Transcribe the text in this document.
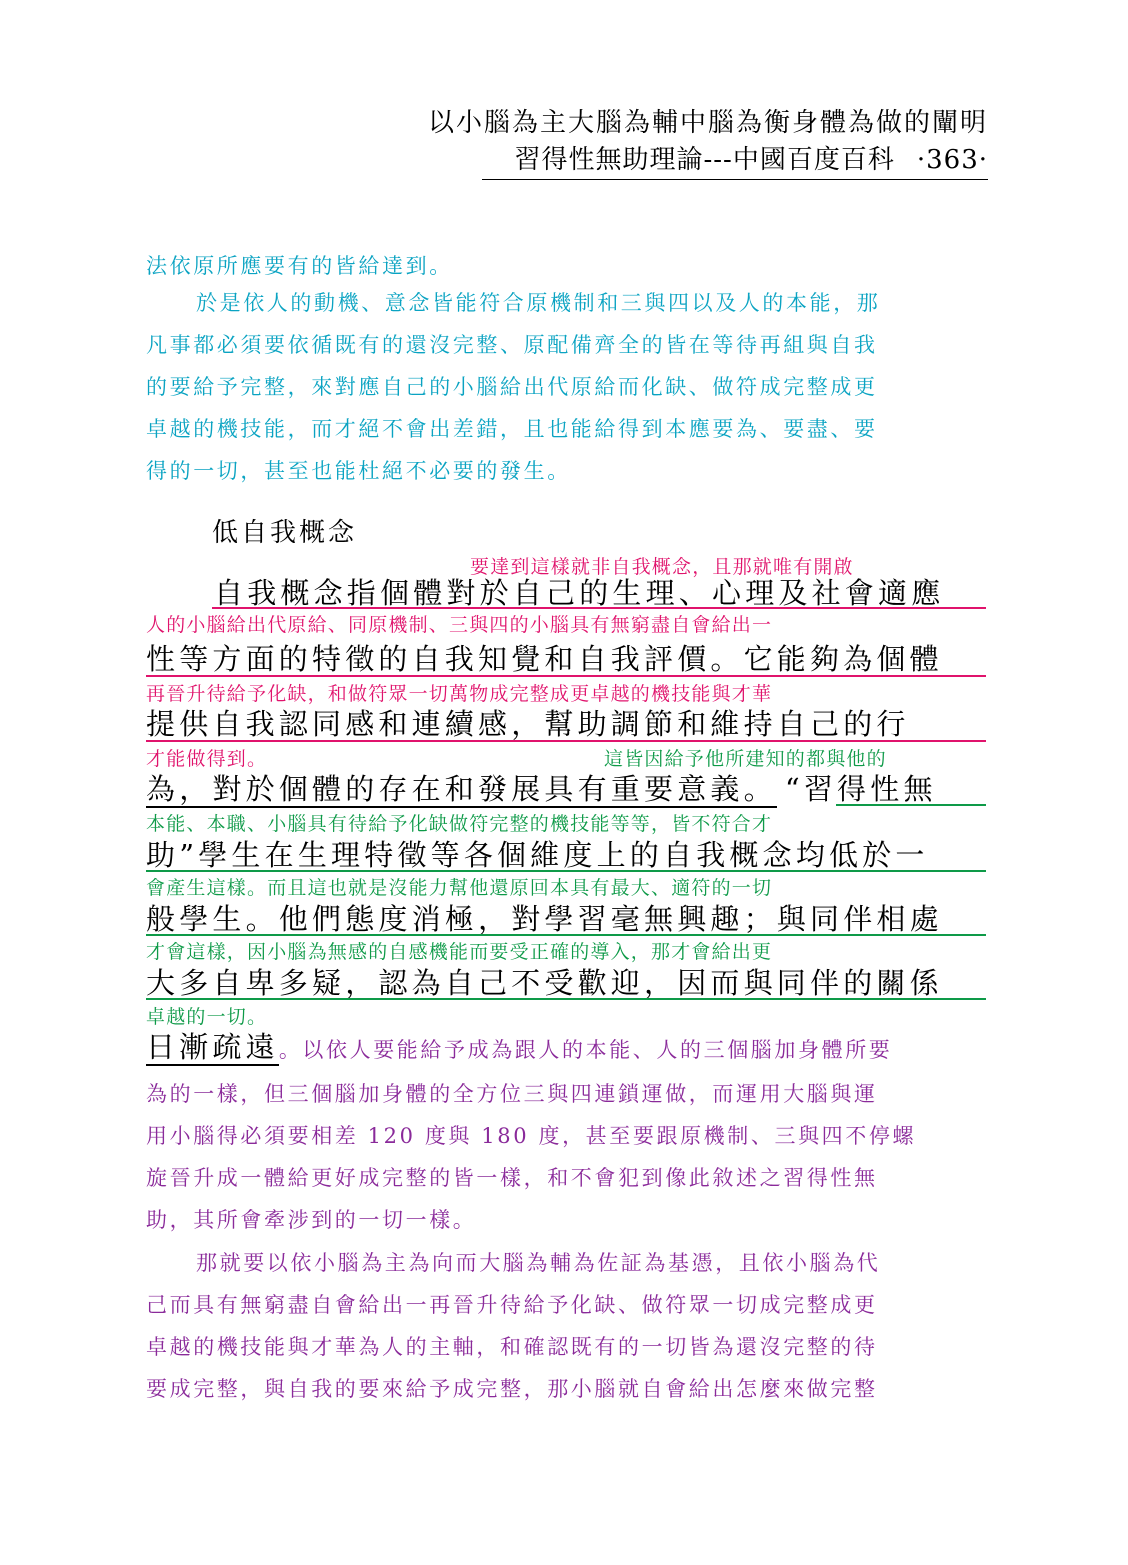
以小腦為主大腦為輔中腦為衡身體為做的闡明
習得性無助理論---中國百度百科 ·363·
法依原所應要有的皆給達到。
於是依人的動機、意念皆能符合原機制和三與四以及人的本能，那
凡事都必須要依循既有的還沒完整、原配備齊全的皆在等待再組與自我
的要給予完整，來對應自己的小腦給出代原給而化缺、做符成完整成更
卓越的機技能，而才絕不會出差錯，且也能給得到本應要為、要盡、要
得的一切，甚至也能杜絕不必要的發生。
低自我概念
要達到這樣就非自我概念，且那就唯有開啟
自我概念指個體對於自己的生理、心理及社會適應
人的小腦給出代原給、同原機制、三與四的小腦具有無窮盡自會給出一
性等方面的特徵的自我知覺和自我評價。它能夠為個體
再晉升待給予化缺，和做符眾一切萬物成完整成更卓越的機技能與才華
提供自我認同感和連續感，幫助調節和維持自己的行
才能做得到。	這皆因給予他所建知的都與他的
為，對於個體的存在和發展具有重要意義。 “習得性無
本能、本職、小腦具有待給予化缺做符完整的機技能等等，皆不符合才
助”學生在生理特徵等各個維度上的自我概念均低於一
會產生這樣。而且這也就是沒能力幫他還原回本具有最大、適符的一切
般學生。他們態度消極，對學習毫無興趣；與同伴相處
才會這樣，因小腦為無感的自感機能而要受正確的導入，那才會給出更
大多自卑多疑，認為自己不受歡迎，因而與同伴的關係
卓越的一切。
日漸疏遠。以依人要能給予成為跟人的本能、人的三個腦加身體所要
為的一樣，但三個腦加身體的全方位三與四連鎖運做，而運用大腦與運
用小腦得必須要相差 120 度與 180 度，甚至要跟原機制、三與四不停螺
旋晉升成一體給更好成完整的皆一樣，和不會犯到像此敘述之習得性無
助，其所會牽涉到的一切一樣。
那就要以依小腦為主為向而大腦為輔為佐証為基憑，且依小腦為代
己而具有無窮盡自會給出一再晉升待給予化缺、做符眾一切成完整成更
卓越的機技能與才華為人的主軸，和確認既有的一切皆為還沒完整的待
要成完整，與自我的要來給予成完整，那小腦就自會給出怎麼來做完整
